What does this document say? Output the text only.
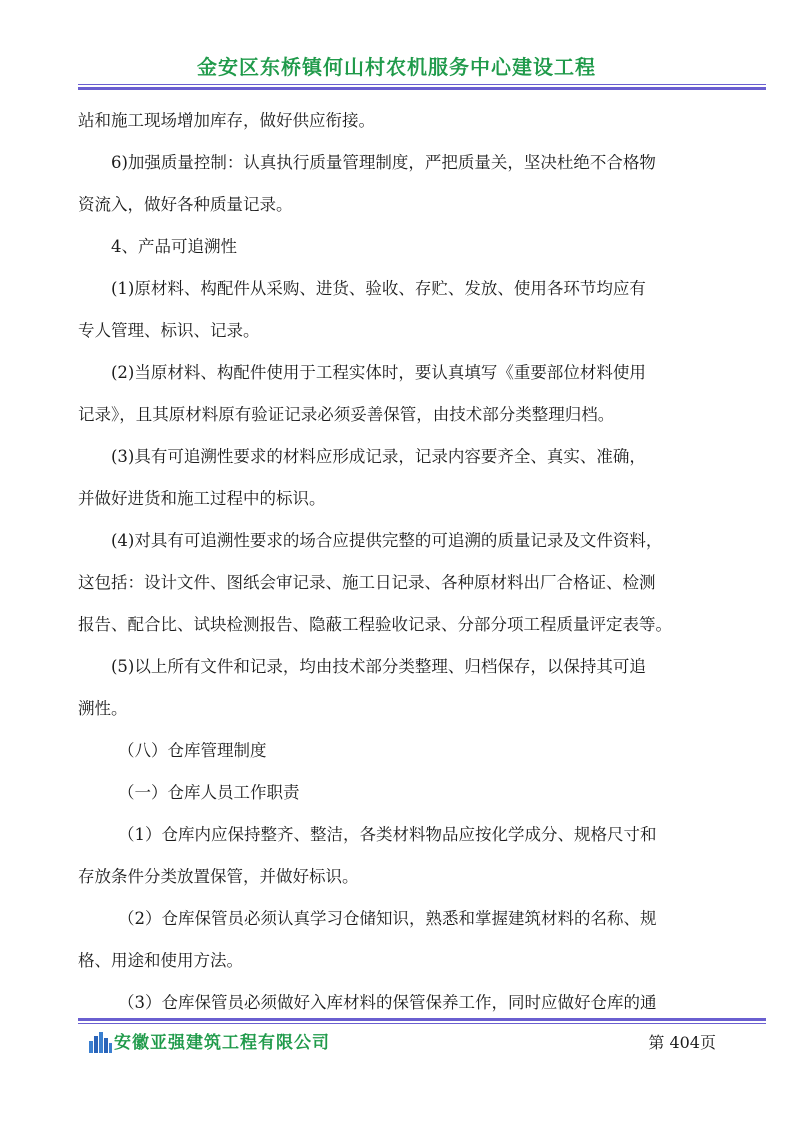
金安区东桥镇何山村农机服务中心建设工程
站和施工现场增加库存，做好供应衔接。
6)加强质量控制：认真执行质量管理制度，严把质量关，坚决杜绝不合格物
资流入，做好各种质量记录。
4、产品可追溯性
(1)原材料、构配件从采购、进货、验收、存贮、发放、使用各环节均应有
专人管理、标识、记录。
(2)当原材料、构配件使用于工程实体时，要认真填写《重要部位材料使用
记录》，且其原材料原有验证记录必须妥善保管，由技术部分类整理归档。
(3)具有可追溯性要求的材料应形成记录，记录内容要齐全、真实、准确，
并做好进货和施工过程中的标识。
(4)对具有可追溯性要求的场合应提供完整的可追溯的质量记录及文件资料，
这包括：设计文件、图纸会审记录、施工日记录、各种原材料出厂合格证、检测
报告、配合比、试块检测报告、隐蔽工程验收记录、分部分项工程质量评定表等。
(5)以上所有文件和记录，均由技术部分类整理、归档保存，以保持其可追
溯性。
（八）仓库管理制度
（一）仓库人员工作职责
（1）仓库内应保持整齐、整洁，各类材料物品应按化学成分、规格尺寸和
存放条件分类放置保管，并做好标识。
（2）仓库保管员必须认真学习仓储知识，熟悉和掌握建筑材料的名称、规
格、用途和使用方法。
（3）仓库保管员必须做好入库材料的保管保养工作，同时应做好仓库的通
安徽亚强建筑工程有限公司	第 404页
